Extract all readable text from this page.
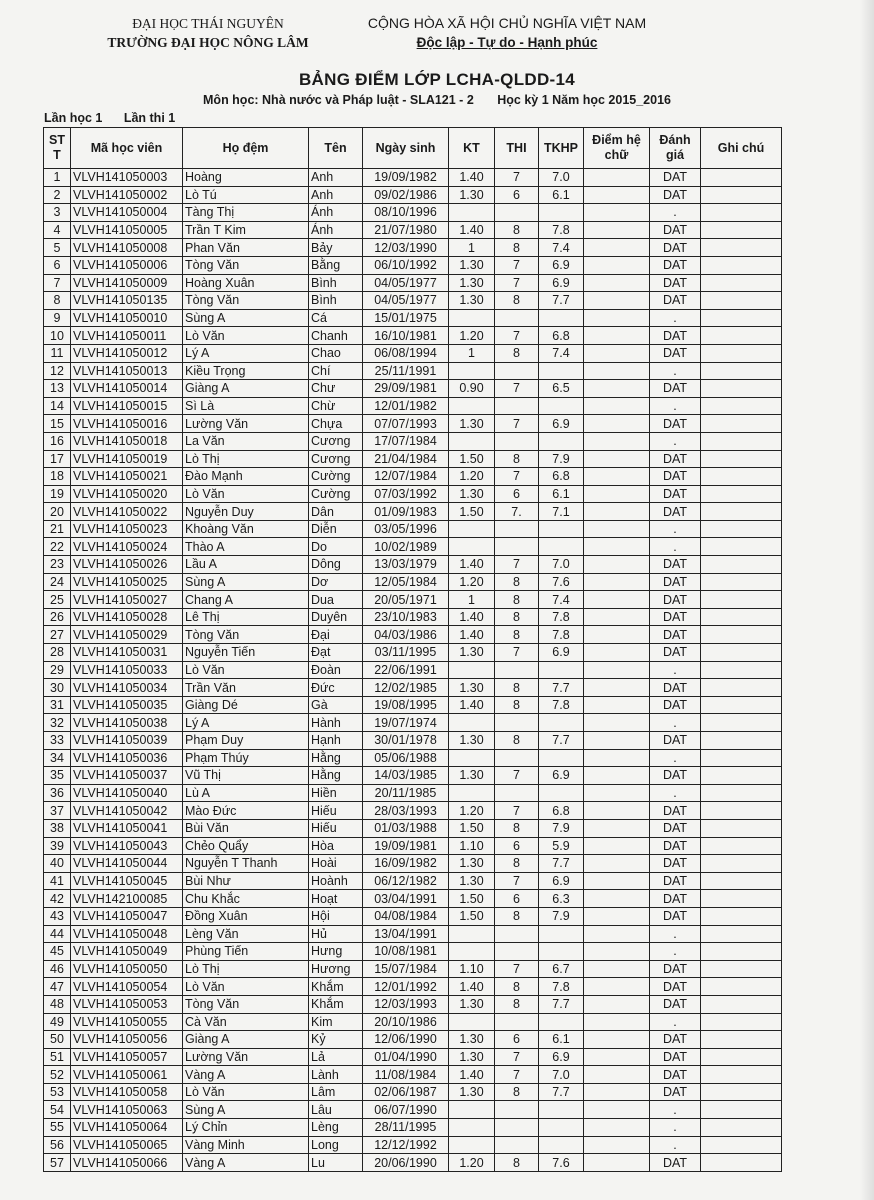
ĐẠI HỌC THÁI NGUYÊN
TRƯỜNG ĐẠI HỌC NÔNG LÂM
CỘNG HÒA XÃ HỘI CHỦ NGHĨA VIỆT NAM
Độc lập - Tự do - Hạnh phúc
BẢNG ĐIỂM LỚP LCHA-QLDD-14
Môn học: Nhà nước và Pháp luật - SLA121 - 2 Học kỳ 1 Năm học 2015_2016
Lần học 1 Lần thi 1
ST T	Mã học viên	Họ đệm	Tên	Ngày sinh	KT	THI	TKHP	Điểm hệ chữ	Đánh giá	Ghi chú
1	VLVH141050003	Hoàng	Anh	19/09/1982	1.40	7	7.0		DAT	
2	VLVH141050002	Lò Tú	Anh	09/02/1986	1.30	6	6.1		DAT	
3	VLVH141050004	Tàng Thị	Ánh	08/10/1996					.	
4	VLVH141050005	Trần T Kim	Ánh	21/07/1980	1.40	8	7.8		DAT	
5	VLVH141050008	Phan Văn	Bảy	12/03/1990	1	8	7.4		DAT	
6	VLVH141050006	Tòng Văn	Bằng	06/10/1992	1.30	7	6.9		DAT	
7	VLVH141050009	Hoàng Xuân	Bình	04/05/1977	1.30	7	6.9		DAT	
8	VLVH141050135	Tòng Văn	Bình	04/05/1977	1.30	8	7.7		DAT	
9	VLVH141050010	Sùng A	Cá	15/01/1975					.	
10	VLVH141050011	Lò Văn	Chanh	16/10/1981	1.20	7	6.8		DAT	
11	VLVH141050012	Lý A	Chao	06/08/1994	1	8	7.4		DAT	
12	VLVH141050013	Kiều Trọng	Chí	25/11/1991					.	
13	VLVH141050014	Giàng A	Chư	29/09/1981	0.90	7	6.5		DAT	
14	VLVH141050015	Sì Là	Chừ	12/01/1982					.	
15	VLVH141050016	Lường Văn	Chựa	07/07/1993	1.30	7	6.9		DAT	
16	VLVH141050018	La Văn	Cương	17/07/1984					.	
17	VLVH141050019	Lò Thị	Cương	21/04/1984	1.50	8	7.9		DAT	
18	VLVH141050021	Đào Mạnh	Cường	12/07/1984	1.20	7	6.8		DAT	
19	VLVH141050020	Lò Văn	Cường	07/03/1992	1.30	6	6.1		DAT	
20	VLVH141050022	Nguyễn Duy	Dân	01/09/1983	1.50	7.	7.1		DAT	
21	VLVH141050023	Khoàng Văn	Diễn	03/05/1996					.	
22	VLVH141050024	Thào A	Do	10/02/1989					.	
23	VLVH141050026	Lầu A	Dông	13/03/1979	1.40	7	7.0		DAT	
24	VLVH141050025	Sùng A	Dơ	12/05/1984	1.20	8	7.6		DAT	
25	VLVH141050027	Chang A	Dua	20/05/1971	1	8	7.4		DAT	
26	VLVH141050028	Lê Thị	Duyên	23/10/1983	1.40	8	7.8		DAT	
27	VLVH141050029	Tòng Văn	Đại	04/03/1986	1.40	8	7.8		DAT	
28	VLVH141050031	Nguyễn Tiến	Đạt	03/11/1995	1.30	7	6.9		DAT	
29	VLVH141050033	Lò Văn	Đoàn	22/06/1991					.	
30	VLVH141050034	Trần Văn	Đức	12/02/1985	1.30	8	7.7		DAT	
31	VLVH141050035	Giàng Dé	Gà	19/08/1995	1.40	8	7.8		DAT	
32	VLVH141050038	Lý A	Hành	19/07/1974					.	
33	VLVH141050039	Phạm Duy	Hạnh	30/01/1978	1.30	8	7.7		DAT	
34	VLVH141050036	Phạm Thúy	Hằng	05/06/1988					.	
35	VLVH141050037	Vũ Thị	Hằng	14/03/1985	1.30	7	6.9		DAT	
36	VLVH141050040	Lù A	Hiền	20/11/1985					.	
37	VLVH141050042	Mào Đức	Hiếu	28/03/1993	1.20	7	6.8		DAT	
38	VLVH141050041	Bùi Văn	Hiếu	01/03/1988	1.50	8	7.9		DAT	
39	VLVH141050043	Chẻo Quẩy	Hòa	19/09/1981	1.10	6	5.9		DAT	
40	VLVH141050044	Nguyễn T Thanh	Hoài	16/09/1982	1.30	8	7.7		DAT	
41	VLVH141050045	Bùi Như	Hoành	06/12/1982	1.30	7	6.9		DAT	
42	VLVH142100085	Chu Khắc	Hoạt	03/04/1991	1.50	6	6.3		DAT	
43	VLVH141050047	Đồng Xuân	Hội	04/08/1984	1.50	8	7.9		DAT	
44	VLVH141050048	Lèng Văn	Hủ	13/04/1991					.	
45	VLVH141050049	Phùng Tiến	Hưng	10/08/1981					.	
46	VLVH141050050	Lò Thị	Hương	15/07/1984	1.10	7	6.7		DAT	
47	VLVH141050054	Lò Văn	Khắm	12/01/1992	1.40	8	7.8		DAT	
48	VLVH141050053	Tòng Văn	Khắm	12/03/1993	1.30	8	7.7		DAT	
49	VLVH141050055	Cà Văn	Kim	20/10/1986					.	
50	VLVH141050056	Giàng A	Kỷ	12/06/1990	1.30	6	6.1		DAT	
51	VLVH141050057	Lường Văn	Lả	01/04/1990	1.30	7	6.9		DAT	
52	VLVH141050061	Vàng A	Lành	11/08/1984	1.40	7	7.0		DAT	
53	VLVH141050058	Lò Văn	Lâm	02/06/1987	1.30	8	7.7		DAT	
54	VLVH141050063	Sùng A	Lâu	06/07/1990					.	
55	VLVH141050064	Lý Chỉn	Lèng	28/11/1995					.	
56	VLVH141050065	Vàng Minh	Long	12/12/1992					.	
57	VLVH141050066	Vàng A	Lu	20/06/1990	1.20	8	7.6		DAT	
